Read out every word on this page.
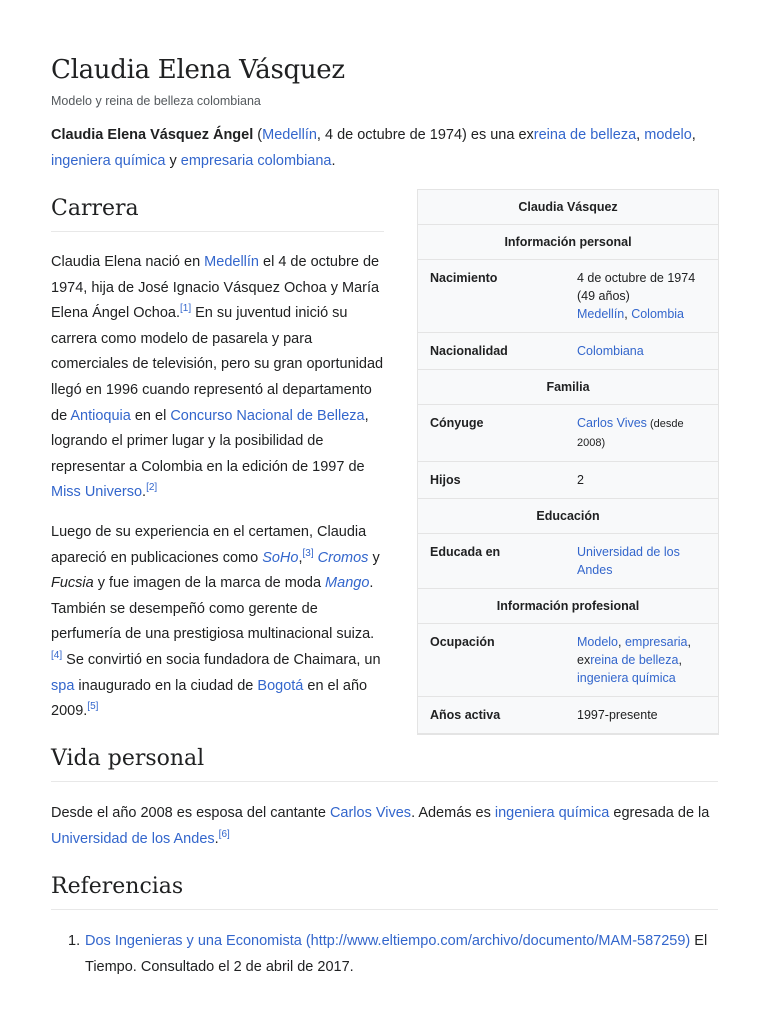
Claudia Elena Vásquez
Modelo y reina de belleza colombiana
Claudia Elena Vásquez Ángel (Medellín, 4 de octubre de 1974) es una exreina de belleza, modelo,
ingeniera química y empresaria colombiana.
Carrera

Claudia Elena nació en Medellín el 4 de octubre de 1974, hija de José Ignacio Vásquez Ochoa y María Elena Ángel Ochoa.[1] En su juventud inició su carrera como modelo de pasarela y para comerciales de televisión, pero su gran oportunidad llegó en 1996 cuando representó al departamento de Antioquia en el Concurso Nacional de Belleza, logrando el primer lugar y la posibilidad de representar a Colombia en la edición de 1997 de Miss Universo.[2]

Luego de su experiencia en el certamen, Claudia apareció en publicaciones como SoHo,[3] Cromos y Fucsia y fue imagen de la marca de moda Mango. También se desempeñó como gerente de perfumería de una prestigiosa multinacional suiza.[4] Se convirtió en socia fundadora de Chaimara, un spa inaugurado en la ciudad de Bogotá en el año 2009.[5]

Claudia Vásquez
Información personal
Nacimiento	4 de octubre de 1974
(49 años)
Medellín, Colombia
Nacionalidad	Colombiana
Familia
Cónyuge	Carlos Vives (desde 2008)
Hijos	2
Educación
Educada en	Universidad de los Andes
Información profesional
Ocupación	Modelo, empresaria, exreina de belleza, ingeniera química
Años activa	1997-presente
Vida personal

Desde el año 2008 es esposa del cantante Carlos Vives. Además es ingeniera química egresada de la Universidad de los Andes.[6]

Referencias
1. Dos Ingenieras y una Economista (http://www.eltiempo.com/archivo/documento/MAM-587259) El Tiempo. Consultado el 2 de abril de 2017.
